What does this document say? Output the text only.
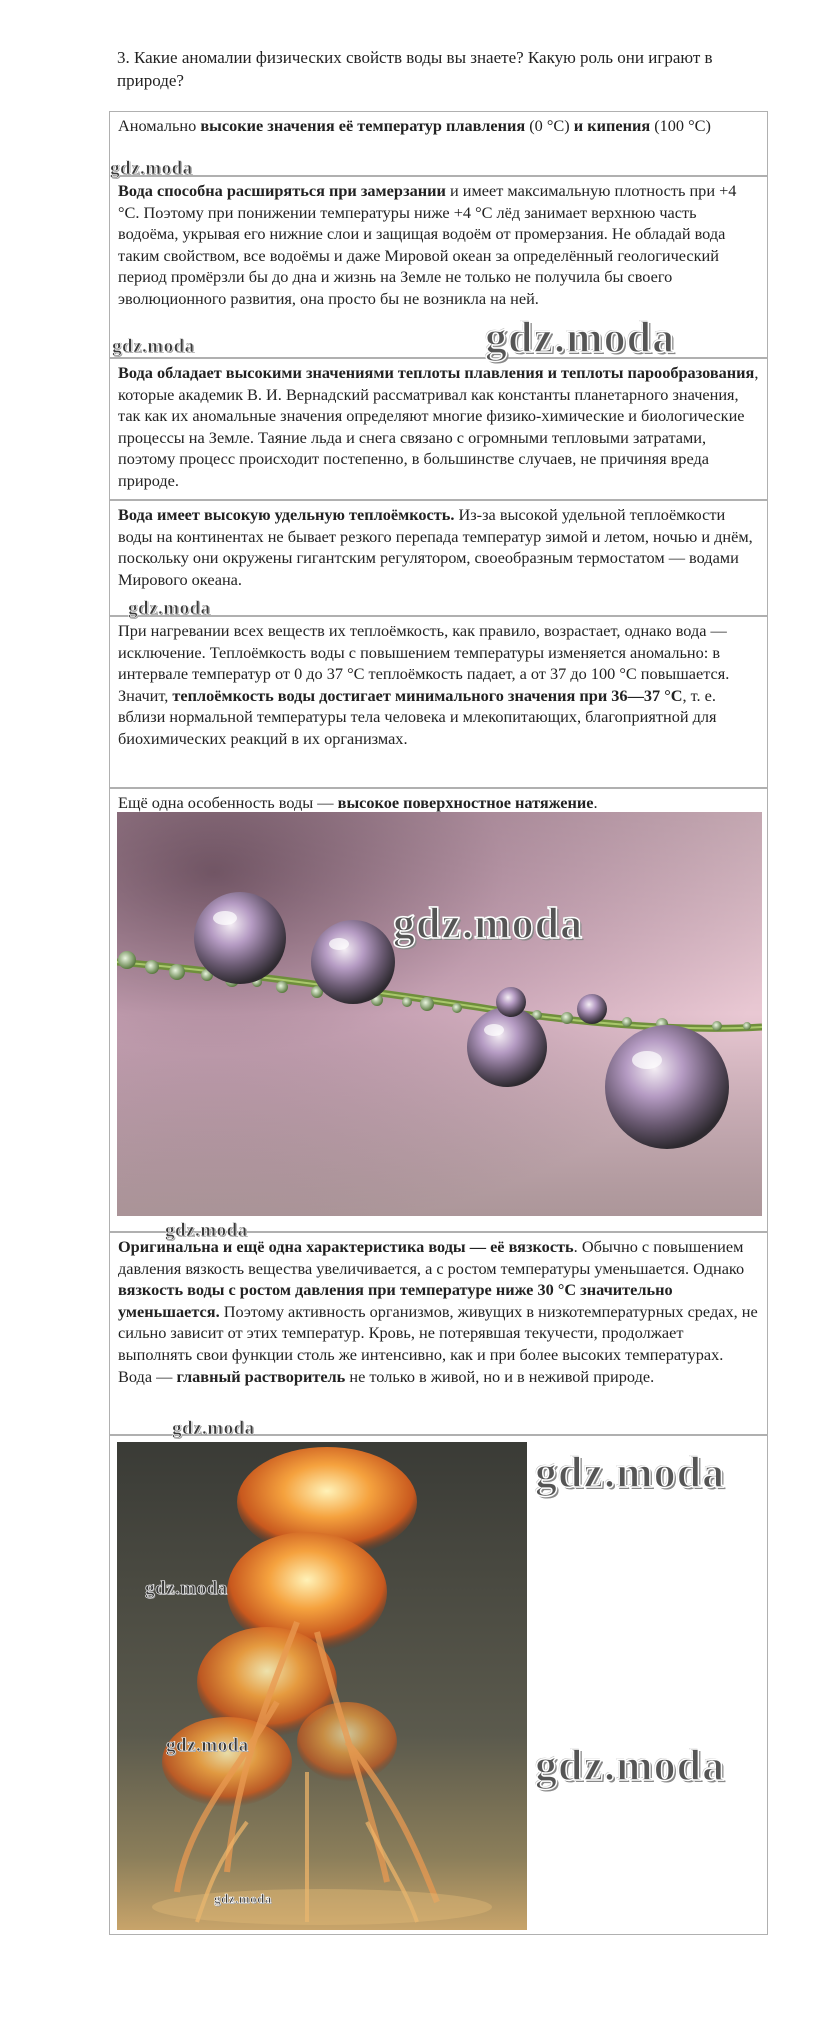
3. Какие аномалии физических свойств воды вы знаете? Какую роль они играют в природе?
Аномально высокие значения её температур плавления (0 °С) и кипения (100 °С)
Вода способна расширяться при замерзании и имеет максимальную плотность при +4 °С. Поэтому при понижении температуры ниже +4 °С лёд занимает верхнюю часть водоёма, укрывая его нижние слои и защищая водоём от промерзания. Не обладай вода таким свойством, все водоёмы и даже Мировой океан за определённый геологический период промёрзли бы до дна и жизнь на Земле не только не получила бы своего эволюционного развития, она просто бы не возникла на ней.
Вода обладает высокими значениями теплоты плавления и теплоты парообразования, которые академик В. И. Вернадский рассматривал как константы планетарного значения, так как их аномальные значения определяют многие физико-химические и биологические процессы на Земле. Таяние льда и снега связано с огромными тепловыми затратами, поэтому процесс происходит постепенно, в большинстве случаев, не причиняя вреда природе.
Вода имеет высокую удельную теплоёмкость. Из-за высокой удельной теплоёмкости воды на континентах не бывает резкого перепада температур зимой и летом, ночью и днём, поскольку они окружены гигантским регулятором, своеобразным термостатом — водами Мирового океана.
При нагревании всех веществ их теплоёмкость, как правило, возрастает, однако вода — исключение. Теплоёмкость воды с повышением температуры изменяется аномально: в интервале температур от 0 до 37 °С теплоёмкость падает, а от 37 до 100 °С повышается. Значит, теплоёмкость воды достигает минимального значения при 36—37 °С, т. е. вблизи нормальной температуры тела человека и млекопитающих, благоприятной для биохимических реакций в их организмах.
Ещё одна особенность воды — высокое поверхностное натяжение.
Оригинальна и ещё одна характеристика воды — её вязкость. Обычно с повышением давления вязкость вещества увеличивается, а с ростом температуры уменьшается. Однако вязкость воды с ростом давления при температуре ниже 30 °С значительно уменьшается. Поэтому активность организмов, живущих в низкотемпературных средах, не сильно зависит от этих температур. Кровь, не потерявшая текучести, продолжает выполнять свои функции столь же интенсивно, как и при более высоких температурах. Вода — главный растворитель не только в живой, но и в неживой природе.
gdz.moda
gdz.moda	gdz.moda
gdz.moda
gdz.moda
gdz.moda
gdz.moda
gdz.moda
gdz.moda
gdz.moda	gdz.moda
gdz.moda
